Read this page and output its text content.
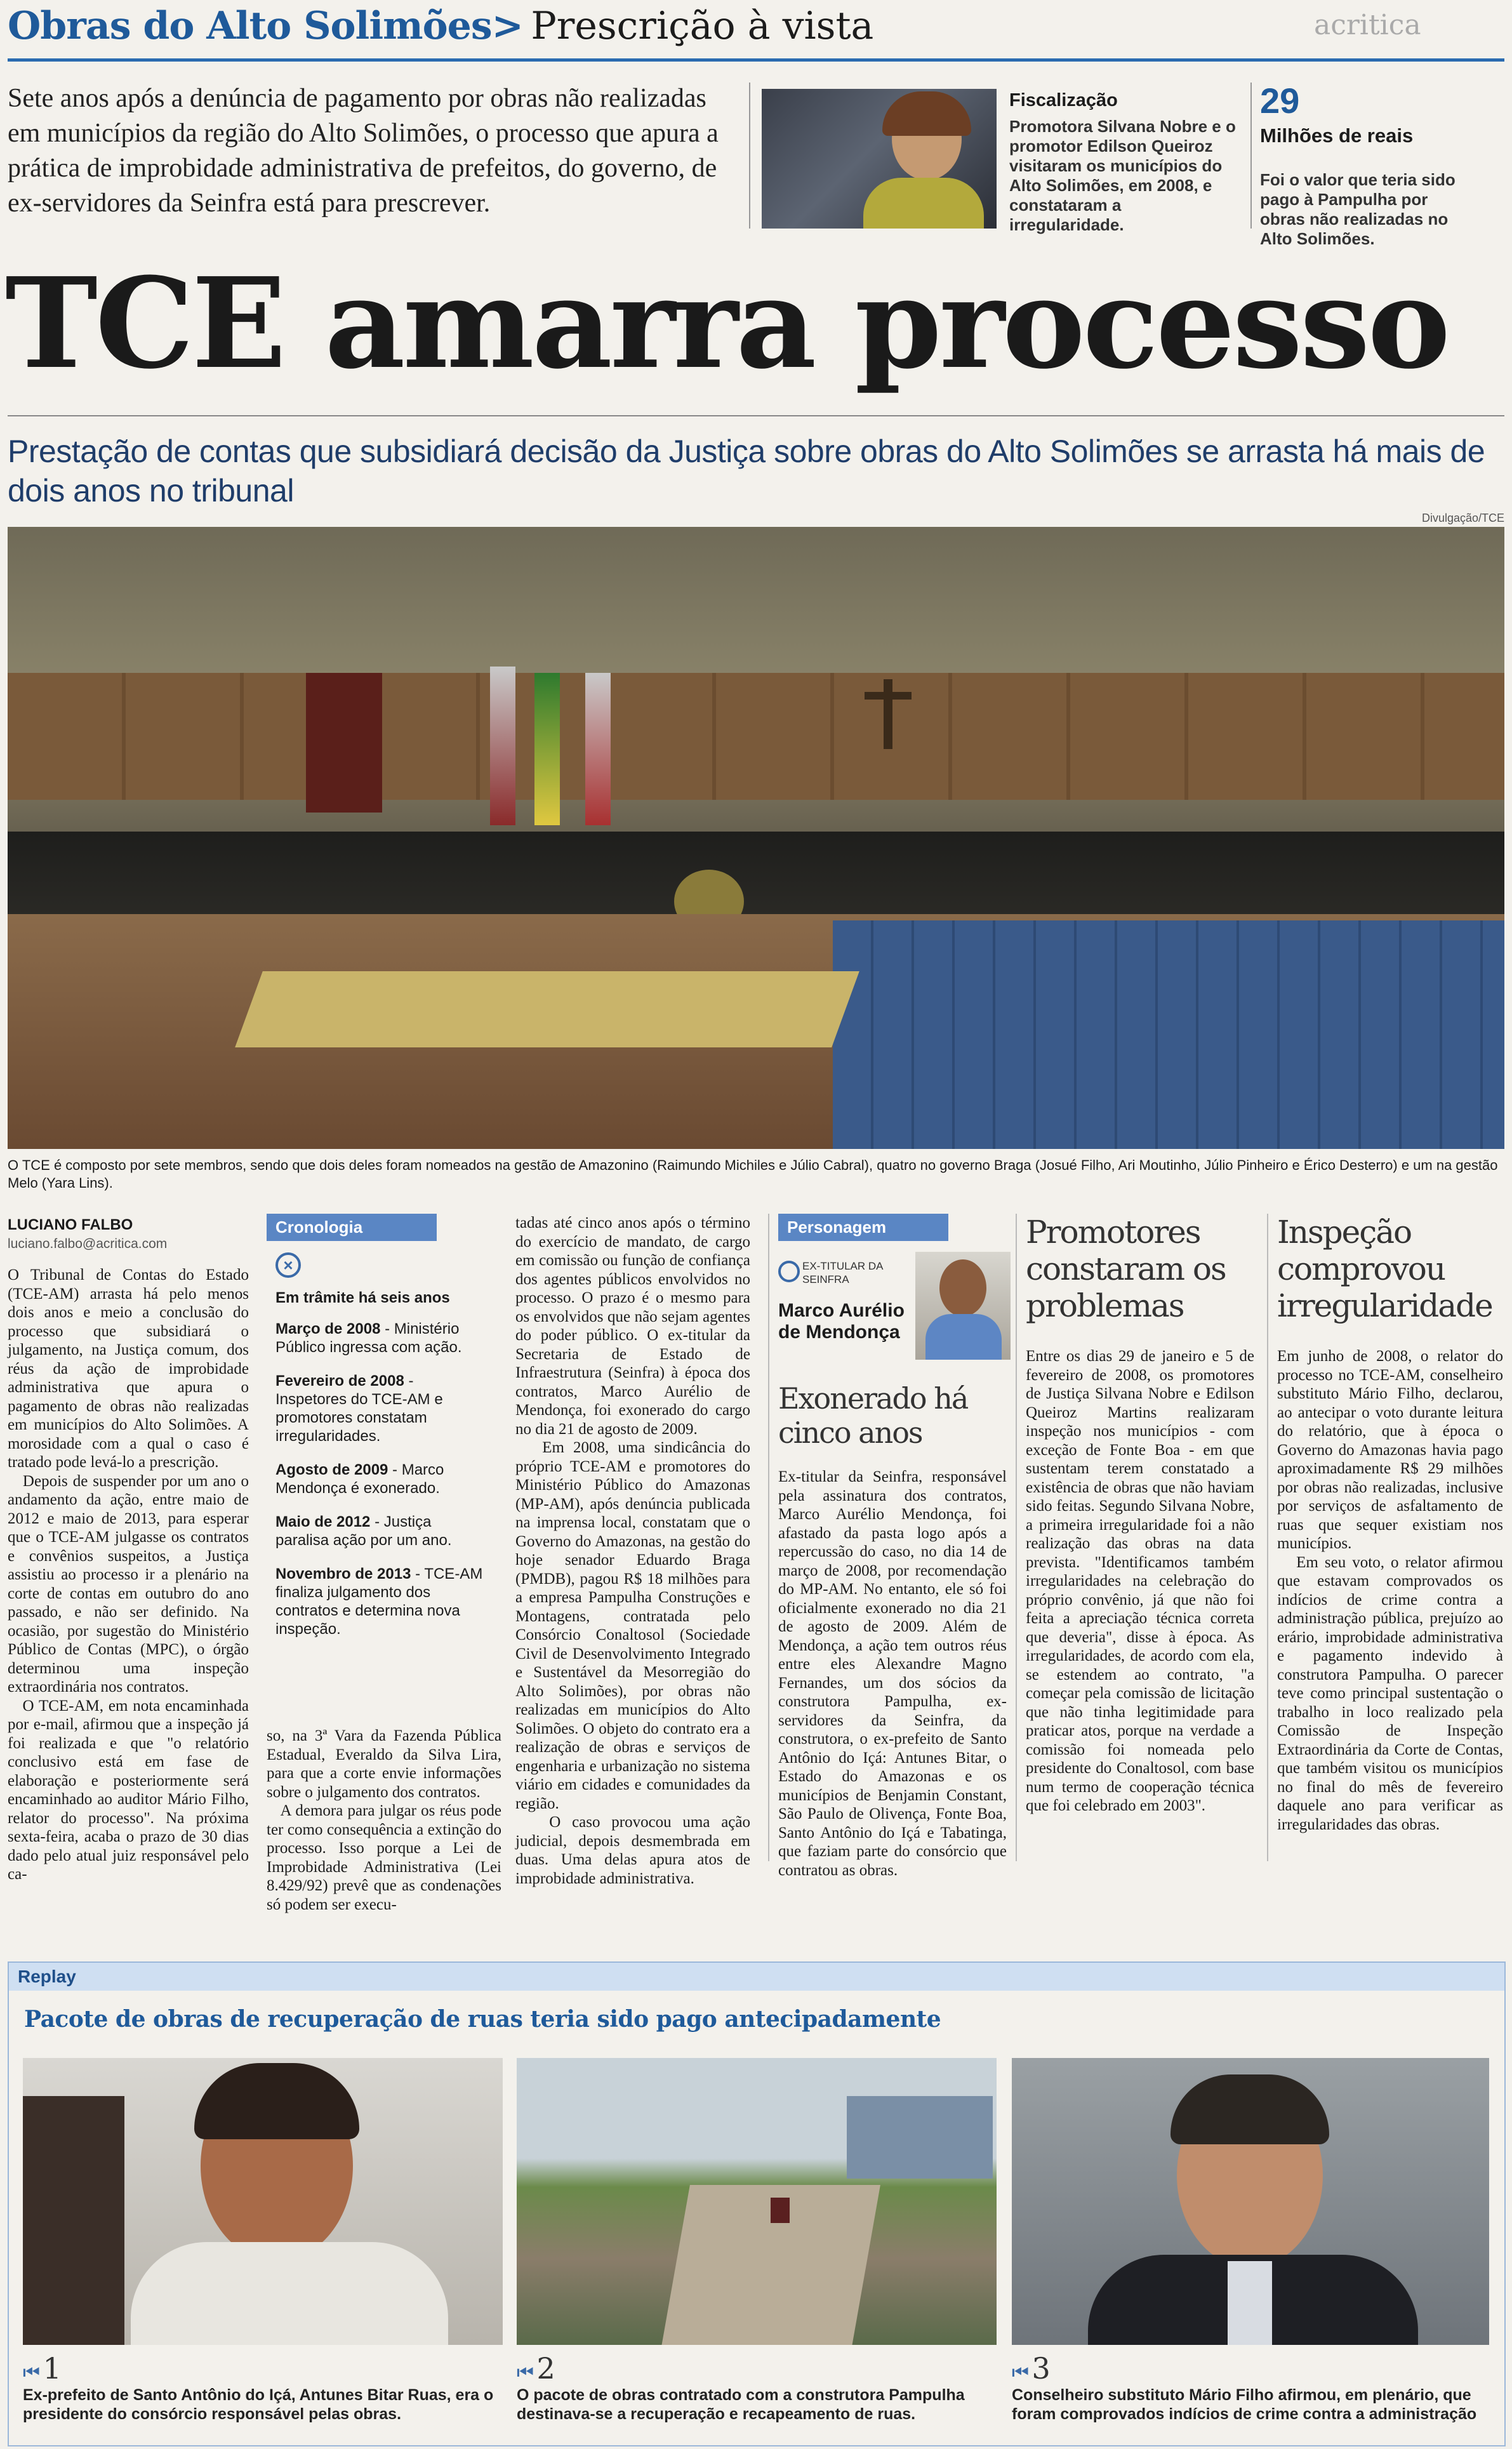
Obras do Alto Solimões> Prescrição à vista	acritica
Sete anos após a denúncia de pagamento por obras não realizadas em municípios da região do Alto Solimões, o processo que apura a prática de improbidade administrativa de prefeitos, do governo, de ex-servidores da Seinfra está para prescrever.
Fiscalização
Promotora Silvana Nobre e o promotor Edilson Queiroz visitaram os municípios do Alto Solimões, em 2008, e constataram a irregularidade.
29
Milhões de reais
Foi o valor que teria sido pago à Pampulha por obras não realizadas no Alto Solimões.
TCE amarra processo
Prestação de contas que subsidiará decisão da Justiça sobre obras do Alto Solimões se arrasta há mais de dois anos no tribunal
Divulgação/TCE
O TCE é composto por sete membros, sendo que dois deles foram nomeados na gestão de Amazonino (Raimundo Michiles e Júlio Cabral), quatro no governo Braga (Josué Filho, Ari Moutinho, Júlio Pinheiro e Érico Desterro) e um na gestão Melo (Yara Lins).
LUCIANO FALBO
luciano.falbo@acritica.com
O Tribunal de Contas do Estado (TCE-AM) arrasta há pelo menos dois anos e meio a conclusão do processo que subsidiará o julgamento, na Justiça comum, dos réus da ação de improbidade administrativa que apura o pagamento de obras não realizadas em municípios do Alto Solimões. A morosidade com a qual o caso é tratado pode levá-lo a prescrição.
Depois de suspender por um ano o andamento da ação, entre maio de 2012 e maio de 2013, para esperar que o TCE-AM julgasse os contratos e convênios suspeitos, a Justiça assistiu ao processo ir a plenário na corte de contas em outubro do ano passado, e não ser definido. Na ocasião, por sugestão do Ministério Público de Contas (MPC), o órgão determinou uma inspeção extraordinária nos contratos.
O TCE-AM, em nota encaminhada por e-mail, afirmou que a inspeção já foi realizada e que "o relatório conclusivo está em fase de elaboração e posteriormente será encaminhado ao auditor Mário Filho, relator do processo". Na próxima sexta-feira, acaba o prazo de 30 dias dado pelo atual juiz responsável pelo ca-
Cronologia
×
Em trâmite há seis anos
Março de 2008 - Ministério Público ingressa com ação.
Fevereiro de 2008 - Inspetores do TCE-AM e promotores constatam irregularidades.
Agosto de 2009 - Marco Mendonça é exonerado.
Maio de 2012 - Justiça paralisa ação por um ano.
Novembro de 2013 - TCE-AM finaliza julgamento dos contratos e determina nova inspeção.
so, na 3ª Vara da Fazenda Pública Estadual, Everaldo da Silva Lira, para que a corte envie informações sobre o julgamento dos contratos.
A demora para julgar os réus pode ter como consequência a extinção do processo. Isso porque a Lei de Improbidade Administrativa (Lei 8.429/92) prevê que as condenações só podem ser execu-
tadas até cinco anos após o término do exercício de mandato, de cargo em comissão ou função de confiança dos agentes públicos envolvidos no processo. O prazo é o mesmo para os envolvidos que não sejam agentes do poder público. O ex-titular da Secretaria de Estado de Infraestrutura (Seinfra) à época dos contratos, Marco Aurélio de Mendonça, foi exonerado do cargo no dia 21 de agosto de 2009.
Em 2008, uma sindicância do próprio TCE-AM e promotores do Ministério Público do Amazonas (MP-AM), após denúncia publicada na imprensa local, constatam que o Governo do Amazonas, na gestão do hoje senador Eduardo Braga (PMDB), pagou R$ 18 milhões para a empresa Pampulha Construções e Montagens, contratada pelo Consórcio Conaltosol (Sociedade Civil de Desenvolvimento Integrado e Sustentável da Mesorregião do Alto Solimões), por obras não realizadas em municípios do Alto Solimões. O objeto do contrato era a realização de obras e serviços de engenharia e urbanização no sistema viário em cidades e comunidades da região.
O caso provocou uma ação judicial, depois desmembrada em duas. Uma delas apura atos de improbidade administrativa.
Personagem
EX-TITULAR DA SEINFRA
Marco Aurélio de Mendonça
Exonerado há cinco anos
Ex-titular da Seinfra, responsável pela assinatura dos contratos, Marco Aurélio Mendonça, foi afastado da pasta logo após a repercussão do caso, no dia 14 de março de 2008, por recomendação do MP-AM. No entanto, ele só foi oficialmente exonerado no dia 21 de agosto de 2009. Além de Mendonça, a ação tem outros réus entre eles Alexandre Magno Fernandes, um dos sócios da construtora Pampulha, ex-servidores da Seinfra, da construtora, o ex-prefeito de Santo Antônio do Içá: Antunes Bitar, o Estado do Amazonas e os municípios de Benjamin Constant, São Paulo de Olivença, Fonte Boa, Santo Antônio do Içá e Tabatinga, que faziam parte do consórcio que contratou as obras.
Promotores constaram os problemas
Entre os dias 29 de janeiro e 5 de fevereiro de 2008, os promotores de Justiça Silvana Nobre e Edilson Queiroz Martins realizaram inspeção nos municípios - com exceção de Fonte Boa - em que sustentam terem constatado a existência de obras que não haviam sido feitas. Segundo Silvana Nobre, a primeira irregularidade foi a não realização das obras na data prevista. "Identificamos também irregularidades na celebração do próprio convênio, já que não foi feita a apreciação técnica correta que deveria", disse à época. As irregularidades, de acordo com ela, se estendem ao contrato, "a começar pela comissão de licitação que não tinha legitimidade para praticar atos, porque na verdade a comissão foi nomeada pelo presidente do Conaltosol, com base num termo de cooperação técnica que foi celebrado em 2003".
Inspeção comprovou irregularidade
Em junho de 2008, o relator do processo no TCE-AM, conselheiro substituto Mário Filho, declarou, ao antecipar o voto durante leitura do relatório, que à época o Governo do Amazonas havia pago aproximadamente R$ 29 milhões por obras não realizadas, inclusive por serviços de asfaltamento de ruas que sequer existiam nos municípios.
Em seu voto, o relator afirmou que estavam comprovados os indícios de crime contra a administração pública, prejuízo ao erário, improbidade administrativa e pagamento indevido à construtora Pampulha. O parecer teve como principal sustentação o trabalho in loco realizado pela Comissão de Inspeção Extraordinária da Corte de Contas, que também visitou os municípios no final do mês de fevereiro daquele ano para verificar as irregularidades das obras.
Replay
Pacote de obras de recuperação de ruas teria sido pago antecipadamente
⏮ 1
Ex-prefeito de Santo Antônio do Içá, Antunes Bitar Ruas, era o presidente do consórcio responsável pelas obras.
⏮ 2
O pacote de obras contratado com a construtora Pampulha destinava-se a recuperação e recapeamento de ruas.
⏮ 3
Conselheiro substituto Mário Filho afirmou, em plenário, que foram comprovados indícios de crime contra a administração
